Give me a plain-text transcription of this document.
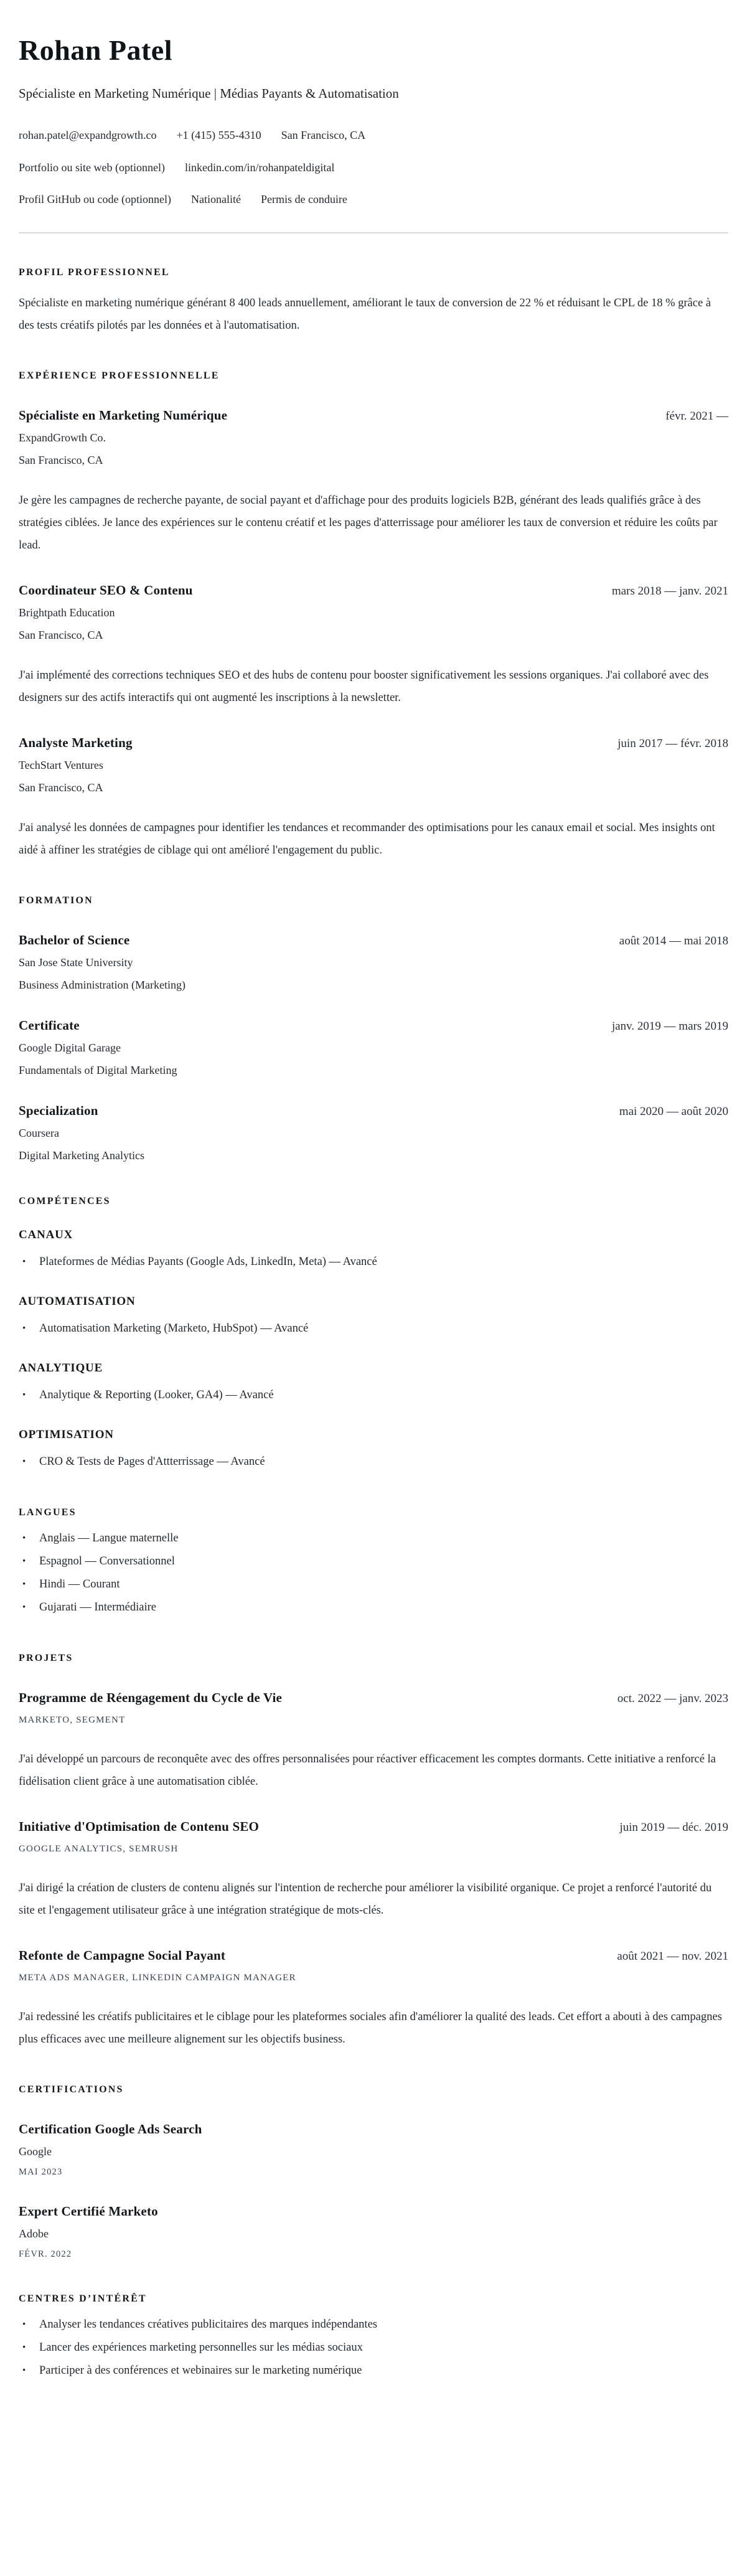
Rohan Patel
Spécialiste en Marketing Numérique | Médias Payants & Automatisation
rohan.patel@expandgrowth.co +1 (415) 555-4310 San Francisco, CA
Portfolio ou site web (optionnel) linkedin.com/in/rohanpateldigital
Profil GitHub ou code (optionnel) Nationalité Permis de conduire
PROFIL PROFESSIONNEL

Spécialiste en marketing numérique générant 8 400 leads annuellement, améliorant le taux de conversion de 22 % et réduisant le CPL de 18 % grâce à des tests créatifs pilotés par les données et à l'automatisation.

EXPÉRIENCE PROFESSIONNELLE
Spécialiste en Marketing Numérique	févr. 2021 —
ExpandGrowth Co.
San Francisco, CA

Je gère les campagnes de recherche payante, de social payant et d'affichage pour des produits logiciels B2B, générant des leads qualifiés grâce à des stratégies ciblées. Je lance des expériences sur le contenu créatif et les pages d'atterrissage pour améliorer les taux de conversion et réduire les coûts par lead.

Coordinateur SEO & Contenu	mars 2018 — janv. 2021
Brightpath Education
San Francisco, CA

J'ai implémenté des corrections techniques SEO et des hubs de contenu pour booster significativement les sessions organiques. J'ai collaboré avec des designers sur des actifs interactifs qui ont augmenté les inscriptions à la newsletter.

Analyste Marketing	juin 2017 — févr. 2018
TechStart Ventures
San Francisco, CA

J'ai analysé les données de campagnes pour identifier les tendances et recommander des optimisations pour les canaux email et social. Mes insights ont aidé à affiner les stratégies de ciblage qui ont amélioré l'engagement du public.

FORMATION
Bachelor of Science	août 2014 — mai 2018
San Jose State University
Business Administration (Marketing)
Certificate	janv. 2019 — mars 2019
Google Digital Garage
Fundamentals of Digital Marketing
Specialization	mai 2020 — août 2020
Coursera
Digital Marketing Analytics
COMPÉTENCES
CANAUX
• Plateformes de Médias Payants (Google Ads, LinkedIn, Meta) — Avancé
AUTOMATISATION
• Automatisation Marketing (Marketo, HubSpot) — Avancé
ANALYTIQUE
• Analytique & Reporting (Looker, GA4) — Avancé
OPTIMISATION
• CRO & Tests de Pages d'Attterrissage — Avancé
LANGUES
• Anglais — Langue maternelle
• Espagnol — Conversationnel
• Hindi — Courant
• Gujarati — Intermédiaire
PROJETS
Programme de Réengagement du Cycle de Vie	oct. 2022 — janv. 2023
MARKETO, SEGMENT

J'ai développé un parcours de reconquête avec des offres personnalisées pour réactiver efficacement les comptes dormants. Cette initiative a renforcé la fidélisation client grâce à une automatisation ciblée.

Initiative d'Optimisation de Contenu SEO	juin 2019 — déc. 2019
GOOGLE ANALYTICS, SEMRUSH

J'ai dirigé la création de clusters de contenu alignés sur l'intention de recherche pour améliorer la visibilité organique. Ce projet a renforcé l'autorité du site et l'engagement utilisateur grâce à une intégration stratégique de mots-clés.

Refonte de Campagne Social Payant	août 2021 — nov. 2021
META ADS MANAGER, LINKEDIN CAMPAIGN MANAGER

J'ai redessiné les créatifs publicitaires et le ciblage pour les plateformes sociales afin d'améliorer la qualité des leads. Cet effort a abouti à des campagnes plus efficaces avec une meilleure alignement sur les objectifs business.

CERTIFICATIONS
Certification Google Ads Search
Google
MAI 2023
Expert Certifié Marketo
Adobe
FÉVR. 2022
CENTRES D’INTÉRÊT
• Analyser les tendances créatives publicitaires des marques indépendantes
• Lancer des expériences marketing personnelles sur les médias sociaux
• Participer à des conférences et webinaires sur le marketing numérique
